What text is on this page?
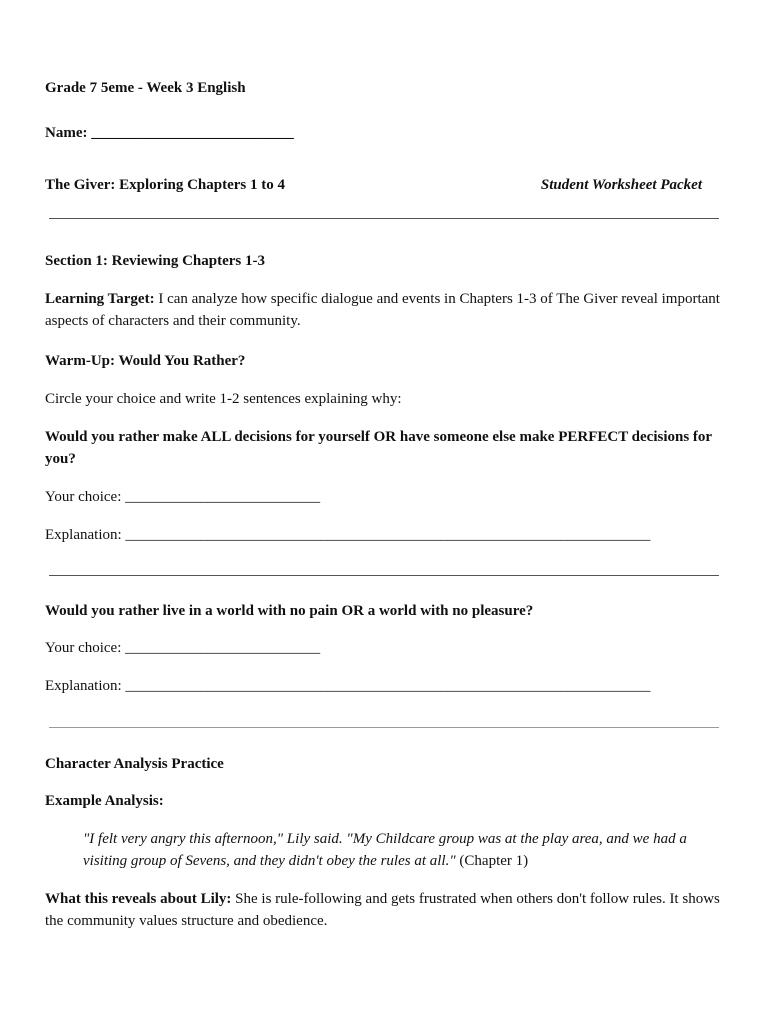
Grade 7 5eme - Week 3 English
Name: ___________________________
The Giver: Exploring Chapters 1 to 4	Student Worksheet Packet
Section 1: Reviewing Chapters 1-3
Learning Target: I can analyze how specific dialogue and events in Chapters 1-3 of The Giver reveal important aspects of characters and their community.
Warm-Up: Would You Rather?
Circle your choice and write 1-2 sentences explaining why:
Would you rather make ALL decisions for yourself OR have someone else make PERFECT decisions for you?
Your choice: __________________________
Explanation: ______________________________________________________________________
Would you rather live in a world with no pain OR a world with no pleasure?
Your choice: __________________________
Explanation: ______________________________________________________________________
Character Analysis Practice
Example Analysis:
"I felt very angry this afternoon," Lily said. "My Childcare group was at the play area, and we had a visiting group of Sevens, and they didn't obey the rules at all." (Chapter 1)
What this reveals about Lily: She is rule-following and gets frustrated when others don't follow rules. It shows the community values structure and obedience.
